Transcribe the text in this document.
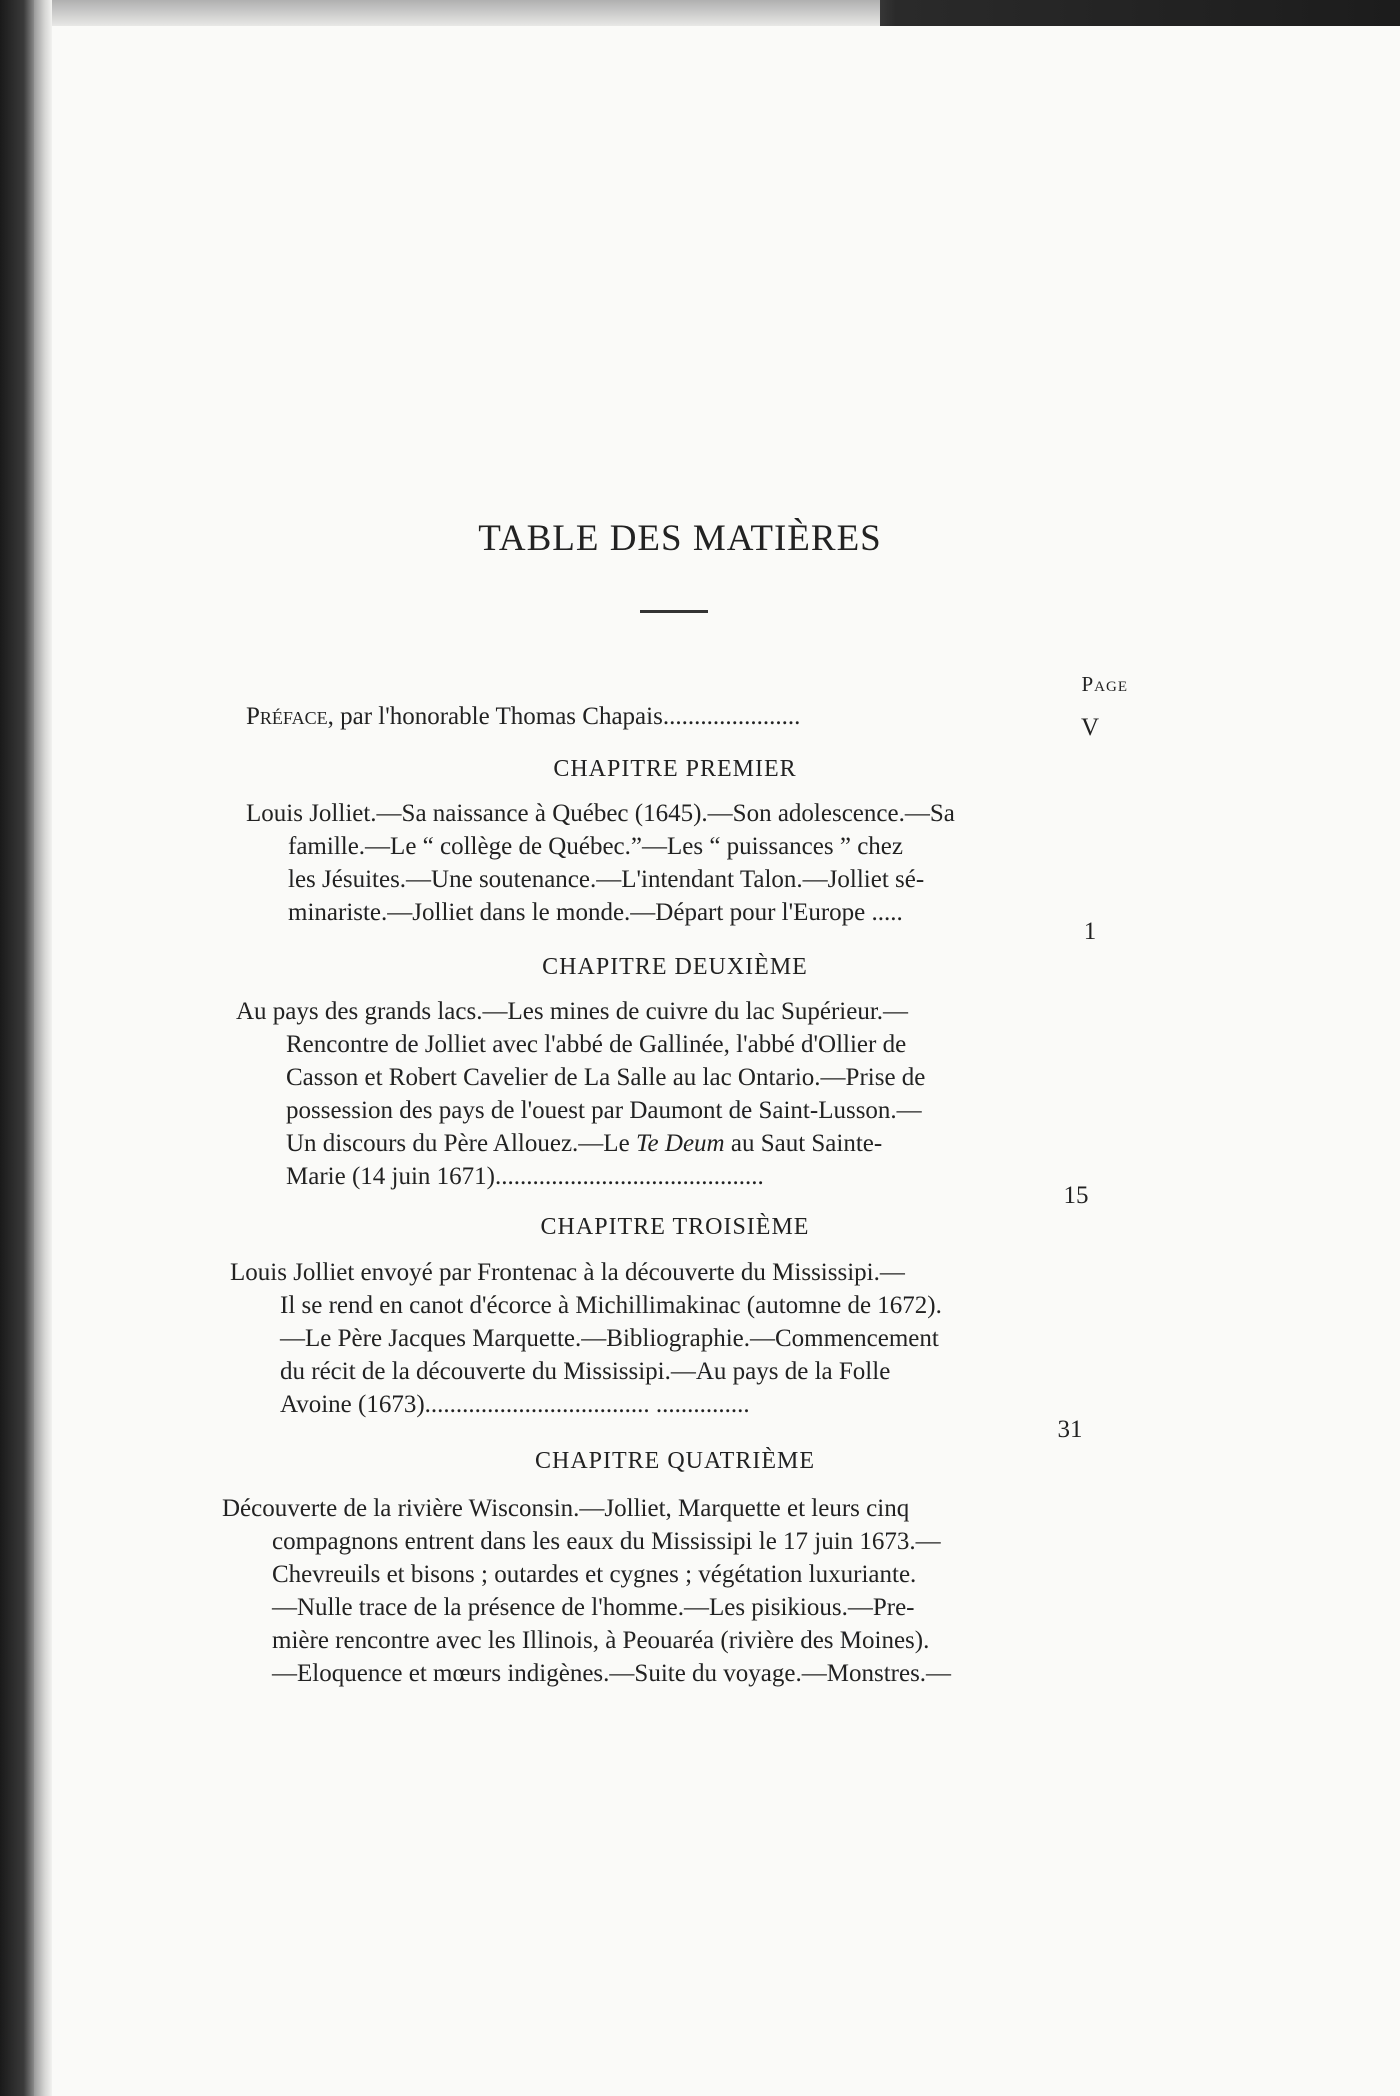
TABLE DES MATIÈRES
Page
Préface, par l'honorable Thomas Chapais......................	V
CHAPITRE PREMIER
Louis Jolliet.—Sa naissance à Québec (1645).—Son adolescence.—Sa
famille.—Le “ collège de Québec.”—Les “ puissances ” chez
les Jésuites.—Une soutenance.—L'intendant Talon.—Jolliet sé-
minariste.—Jolliet dans le monde.—Départ pour l'Europe .....
1
CHAPITRE DEUXIÈME
Au pays des grands lacs.—Les mines de cuivre du lac Supérieur.—
Rencontre de Jolliet avec l'abbé de Gallinée, l'abbé d'Ollier de
Casson et Robert Cavelier de La Salle au lac Ontario.—Prise de
possession des pays de l'ouest par Daumont de Saint-Lusson.—
Un discours du Père Allouez.—Le Te Deum au Saut Sainte-
Marie (14 juin 1671)...........................................
15
CHAPITRE TROISIÈME
Louis Jolliet envoyé par Frontenac à la découverte du Mississipi.—
Il se rend en canot d'écorce à Michillimakinac (automne de 1672).
—Le Père Jacques Marquette.—Bibliographie.—Commencement
du récit de la découverte du Mississipi.—Au pays de la Folle
Avoine (1673).................................... ...............
31
CHAPITRE QUATRIÈME
Découverte de la rivière Wisconsin.—Jolliet, Marquette et leurs cinq
compagnons entrent dans les eaux du Mississipi le 17 juin 1673.—
Chevreuils et bisons ; outardes et cygnes ; végétation luxuriante.
—Nulle trace de la présence de l'homme.—Les pisikious.—Pre-
mière rencontre avec les Illinois, à Peouaréa (rivière des Moines).
—Eloquence et mœurs indigènes.—Suite du voyage.—Monstres.—
